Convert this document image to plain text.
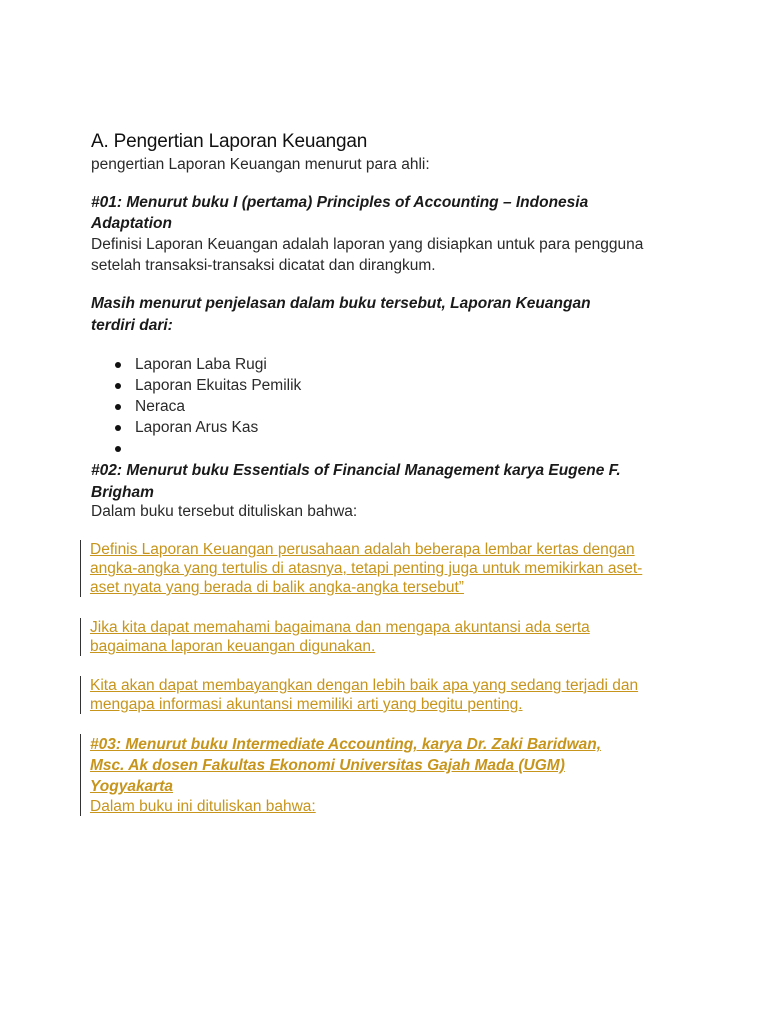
A. Pengertian Laporan Keuangan

pengertian Laporan Keuangan menurut para ahli:

#01: Menurut buku I (pertama) Principles of Accounting – Indonesia

Adaptation

Definisi Laporan Keuangan adalah laporan yang disiapkan untuk para pengguna

setelah transaksi-transaksi dicatat dan dirangkum.

Masih menurut penjelasan dalam buku tersebut, Laporan Keuangan

terdiri dari:

Laporan Laba Rugi
Laporan Ekuitas Pemilik
Neraca
Laporan Arus Kas

#02: Menurut buku Essentials of Financial Management karya Eugene F.

Brigham

Dalam buku tersebut dituliskan bahwa:

Definis Laporan Keuangan perusahaan adalah beberapa lembar kertas dengan
angka-angka yang tertulis di atasnya, tetapi penting juga untuk memikirkan aset-
aset nyata yang berada di balik angka-angka tersebut”
Jika kita dapat memahami bagaimana dan mengapa akuntansi ada serta
bagaimana laporan keuangan digunakan.
Kita akan dapat membayangkan dengan lebih baik apa yang sedang terjadi dan
mengapa informasi akuntansi memiliki arti yang begitu penting.
#03: Menurut buku Intermediate Accounting, karya Dr. Zaki Baridwan,
Msc. Ak dosen Fakultas Ekonomi Universitas Gajah Mada (UGM)
Yogyakarta
Dalam buku ini dituliskan bahwa:
